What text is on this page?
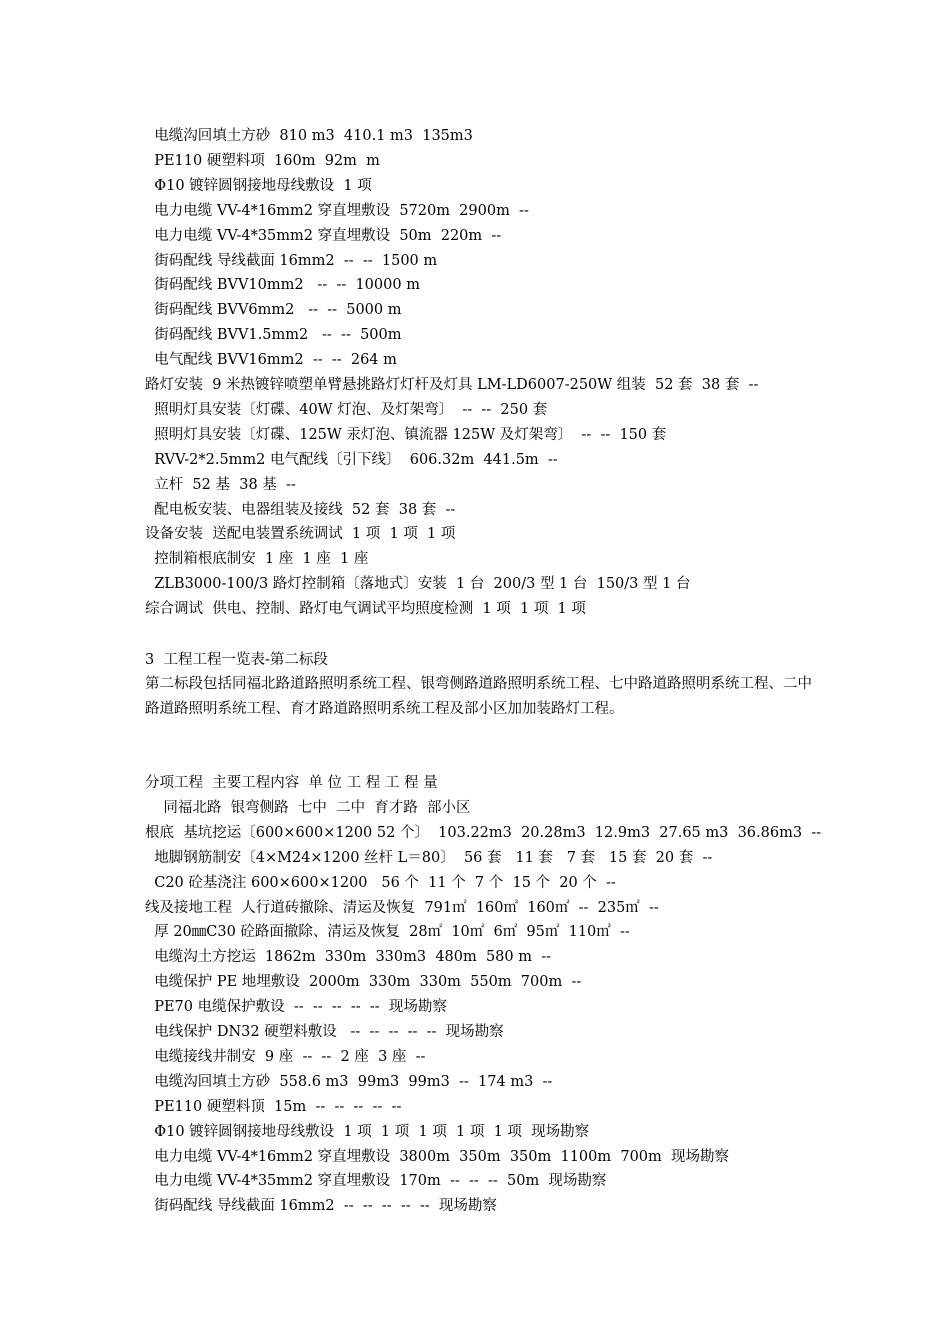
电缆沟回填土方砂  810 m3  410.1 m3  135m3
PE110 硬塑料项  160m  92m  m
Φ10 镀锌圆钢接地母线敷设  1 项
电力电缆 VV-4*16mm2 穿直埋敷设  5720m  2900m  --
电力电缆 VV-4*35mm2 穿直埋敷设  50m  220m  --
街码配线 导线截面 16mm2  --  --  1500 m
街码配线 BVV10mm2   --  --  10000 m
街码配线 BVV6mm2   --  --  5000 m
街码配线 BVV1.5mm2   --  --  500m
电气配线 BVV16mm2  --  --  264 m
路灯安装  9 米热镀锌喷塑单臂悬挑路灯灯杆及灯具 LM-LD6007-250W 组装  52 套  38 套  --
照明灯具安装〔灯碟、40W 灯泡、及灯架弯〕  --  --  250 套
照明灯具安装〔灯碟、125W 汞灯泡、镇流器 125W 及灯架弯〕  --  --  150 套
RVV-2*2.5mm2 电气配线〔引下线〕  606.32m  441.5m  --
立杆  52 基  38 基  --
配电板安装、电器组装及接线  52 套  38 套  --
设备安装  送配电装置系统调试  1 项  1 项  1 项
控制箱根底制安  1 座  1 座  1 座
ZLB3000-100/3 路灯控制箱〔落地式〕安装  1 台  200/3 型 1 台  150/3 型 1 台
综合调试  供电、控制、路灯电气调试平均照度检测  1 项  1 项  1 项
3  工程工程一览表-第二标段
第二标段包括同福北路道路照明系统工程、银弯侧路道路照明系统工程、七中路道路照明系统工程、二中路道路照明系统工程、育才路道路照明系统工程及部小区加加装路灯工程。
分项工程  主要工程内容  单 位 工 程 工 程 量
同福北路  银弯侧路  七中  二中  育才路  部小区
根底  基坑挖运〔600×600×1200 52 个〕  103.22m3  20.28m3  12.9m3  27.65 m3  36.86m3  --
地脚钢筋制安〔4×M24×1200 丝杆 L＝80〕  56 套   11 套   7 套   15 套  20 套  --
C20 砼基浇注 600×600×1200   56 个  11 个  7 个  15 个  20 个  --
线及接地工程  人行道砖撤除、清运及恢复  791㎡  160㎡  160㎡  --  235㎡  --
厚 20㎜C30 砼路面撤除、清运及恢复  28㎡  10㎡  6㎡  95㎡  110㎡  --
电缆沟土方挖运  1862m  330m  330m3  480m  580 m  --
电缆保护 PE 地埋敷设  2000m  330m  330m  550m  700m  --
PE70 电缆保护敷设  --  --  --  --  --  现场勘察
电线保护 DN32 硬塑料敷设   --  --  --  --  --  现场勘察
电缆接线井制安  9 座  --  --  2 座  3 座  --
电缆沟回填土方砂  558.6 m3  99m3  99m3  --  174 m3  --
PE110 硬塑料顶  15m  --  --  --  --  --
Φ10 镀锌圆钢接地母线敷设  1 项  1 项  1 项  1 项  1 项  现场勘察
电力电缆 VV-4*16mm2 穿直埋敷设  3800m  350m  350m  1100m  700m  现场勘察
电力电缆 VV-4*35mm2 穿直埋敷设  170m  --  --  --  50m  现场勘察
街码配线 导线截面 16mm2  --  --  --  --  --  现场勘察
